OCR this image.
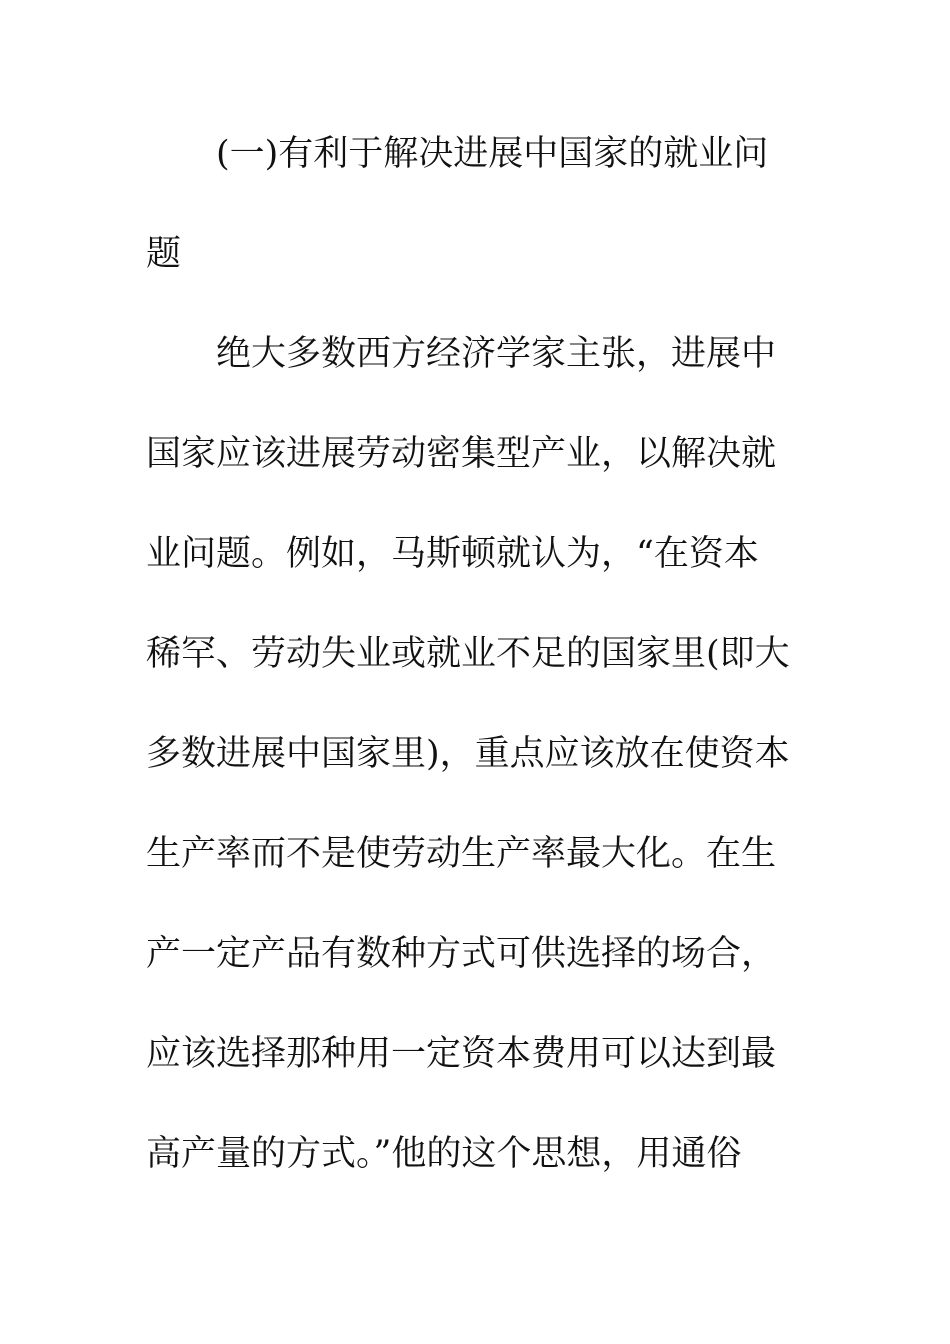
(一)有利于解决进展中国家的就业问
题
绝大多数西方经济学家主张，进展中
国家应该进展劳动密集型产业，以解决就
业问题。例如，马斯顿就认为，“在资本
稀罕、劳动失业或就业不足的国家里(即大
多数进展中国家里)，重点应该放在使资本
生产率而不是使劳动生产率最大化。在生
产一定产品有数种方式可供选择的场合，
应该选择那种用一定资本费用可以达到最
高产量的方式。”他的这个思想，用通俗
